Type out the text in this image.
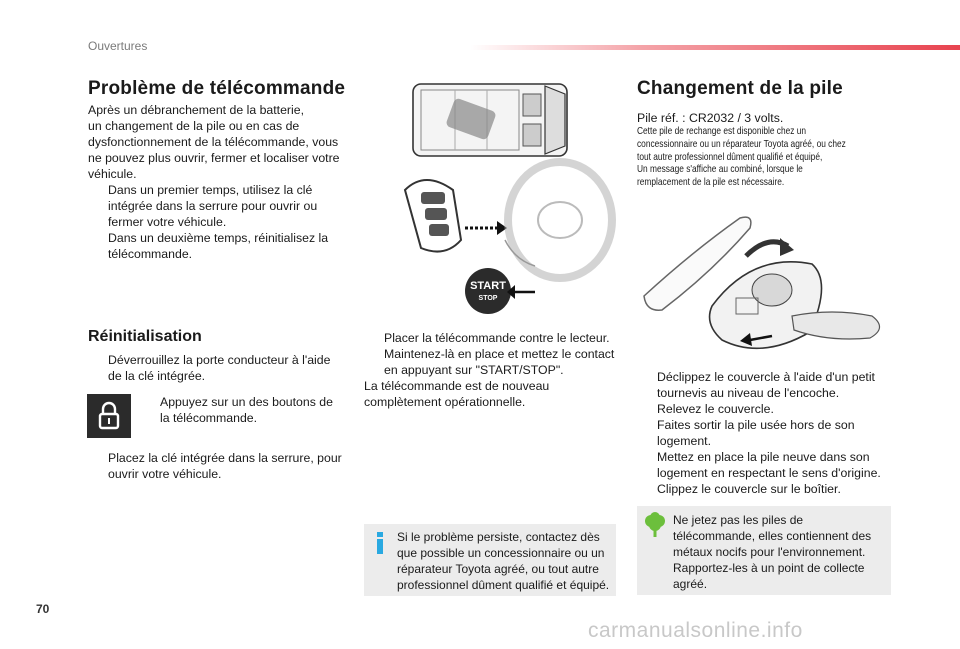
Ouvertures
Problème de télécommande
Après un débranchement de la batterie,
un changement de la pile ou en cas de
dysfonctionnement de la télécommande, vous
ne pouvez plus ouvrir, fermer et localiser votre
véhicule.
Dans un premier temps, utilisez la clé
intégrée dans la serrure pour ouvrir ou
fermer votre véhicule.
Dans un deuxième temps, réinitialisez la
télécommande.
Réinitialisation
Déverrouillez la porte conducteur à l'aide
de la clé intégrée.
Appuyez sur un des boutons de
la télécommande.
Placez la clé intégrée dans la serrure, pour
ouvrir votre véhicule.
START
STOP
Placer la télécommande contre le lecteur.
Maintenez-là en place et mettez le contact
en appuyant sur "START/STOP".
La télécommande est de nouveau
complètement opérationnelle.
Si le problème persiste, contactez dès
que possible un concessionnaire ou un
réparateur Toyota agréé, ou tout autre
professionnel dûment qualifié et équipé.
Changement de la pile
Pile réf. : CR2032 / 3 volts.
Cette pile de rechange est disponible chez un
concessionnaire ou un réparateur Toyota agréé, ou chez
tout autre professionnel dûment qualifié et équipé,
Un message s'affiche au combiné, lorsque le
remplacement de la pile est nécessaire.
Déclippez le couvercle à l'aide d'un petit
tournevis au niveau de l'encoche.
Relevez le couvercle.
Faites sortir la pile usée hors de son
logement.
Mettez en place la pile neuve dans son
logement en respectant le sens d'origine.
Clippez le couvercle sur le boîtier.
Ne jetez pas les piles de
télécommande, elles contiennent des
métaux nocifs pour l'environnement.
Rapportez-les à un point de collecte
agréé.
70
carmanualsonline.info
